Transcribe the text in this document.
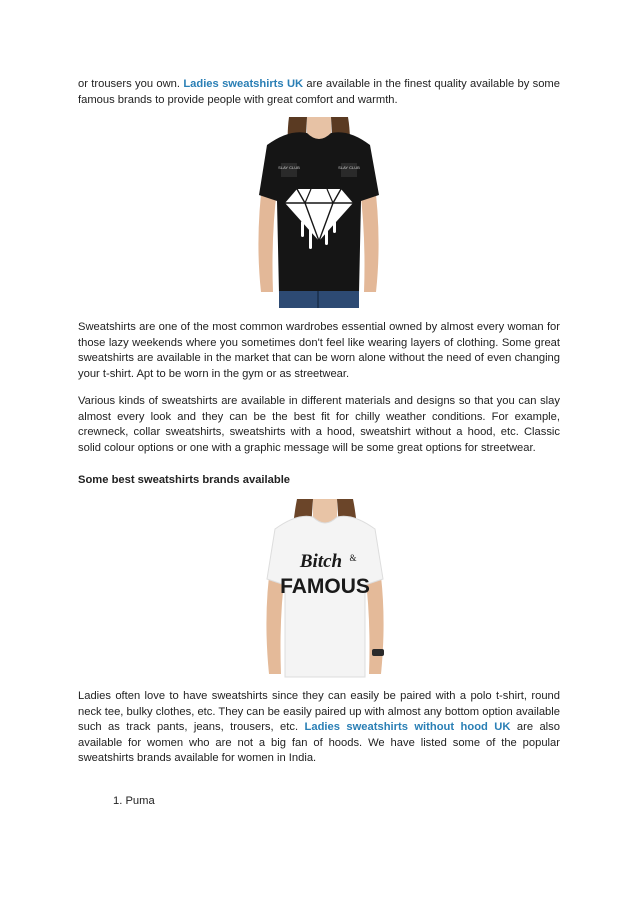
or trousers you own. Ladies sweatshirts UK are available in the finest quality available by some famous brands to provide people with great comfort and warmth.

SLAY CLUB	SLAY CLUB

Sweatshirts are one of the most common wardrobes essential owned by almost every woman for those lazy weekends where you sometimes don't feel like wearing layers of clothing. Some great sweatshirts are available in the market that can be worn alone without the need of even changing your t-shirt. Apt to be worn in the gym or as streetwear.

Various kinds of sweatshirts are available in different materials and designs so that you can slay almost every look and they can be the best fit for chilly weather conditions. For example, crewneck, collar sweatshirts, sweatshirts with a hood, sweatshirt without a hood, etc. Classic solid colour options or one with a graphic message will be some great options for streetwear.

Some best sweatshirts brands available

Bitch &
FAMOUS

Ladies often love to have sweatshirts since they can easily be paired with a polo t-shirt, round neck tee, bulky clothes, etc. They can be easily paired up with almost any bottom option available such as track pants, jeans, trousers, etc. Ladies sweatshirts without hood UK are also available for women who are not a big fan of hoods. We have listed some of the popular sweatshirts brands available for women in India.

1. Puma
